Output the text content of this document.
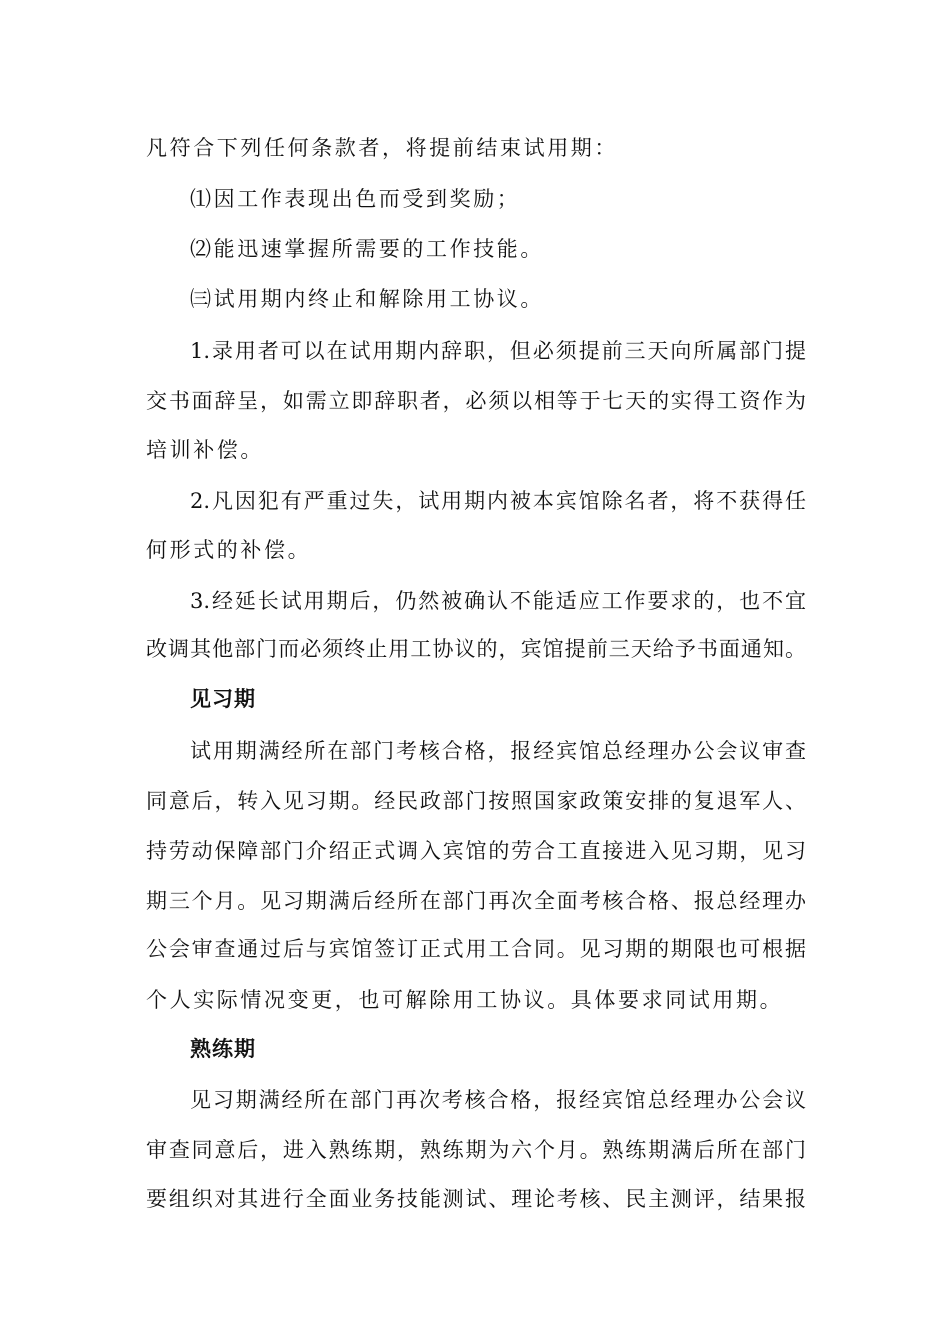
凡符合下列任何条款者，将提前结束试用期：
⑴因工作表现出色而受到奖励；
⑵能迅速掌握所需要的工作技能。
㈢试用期内终止和解除用工协议。
1.录用者可以在试用期内辞职，但必须提前三天向所属部门提
交书面辞呈，如需立即辞职者，必须以相等于七天的实得工资作为
培训补偿。
2.凡因犯有严重过失，试用期内被本宾馆除名者，将不获得任
何形式的补偿。
3.经延长试用期后，仍然被确认不能适应工作要求的，也不宜
改调其他部门而必须终止用工协议的，宾馆提前三天给予书面通知。
见习期
试用期满经所在部门考核合格，报经宾馆总经理办公会议审查
同意后，转入见习期。经民政部门按照国家政策安排的复退军人、
持劳动保障部门介绍正式调入宾馆的劳合工直接进入见习期，见习
期三个月。见习期满后经所在部门再次全面考核合格、报总经理办
公会审查通过后与宾馆签订正式用工合同。见习期的期限也可根据
个人实际情况变更，也可解除用工协议。具体要求同试用期。
熟练期
见习期满经所在部门再次考核合格，报经宾馆总经理办公会议
审查同意后，进入熟练期，熟练期为六个月。熟练期满后所在部门
要组织对其进行全面业务技能测试、理论考核、民主测评，结果报
